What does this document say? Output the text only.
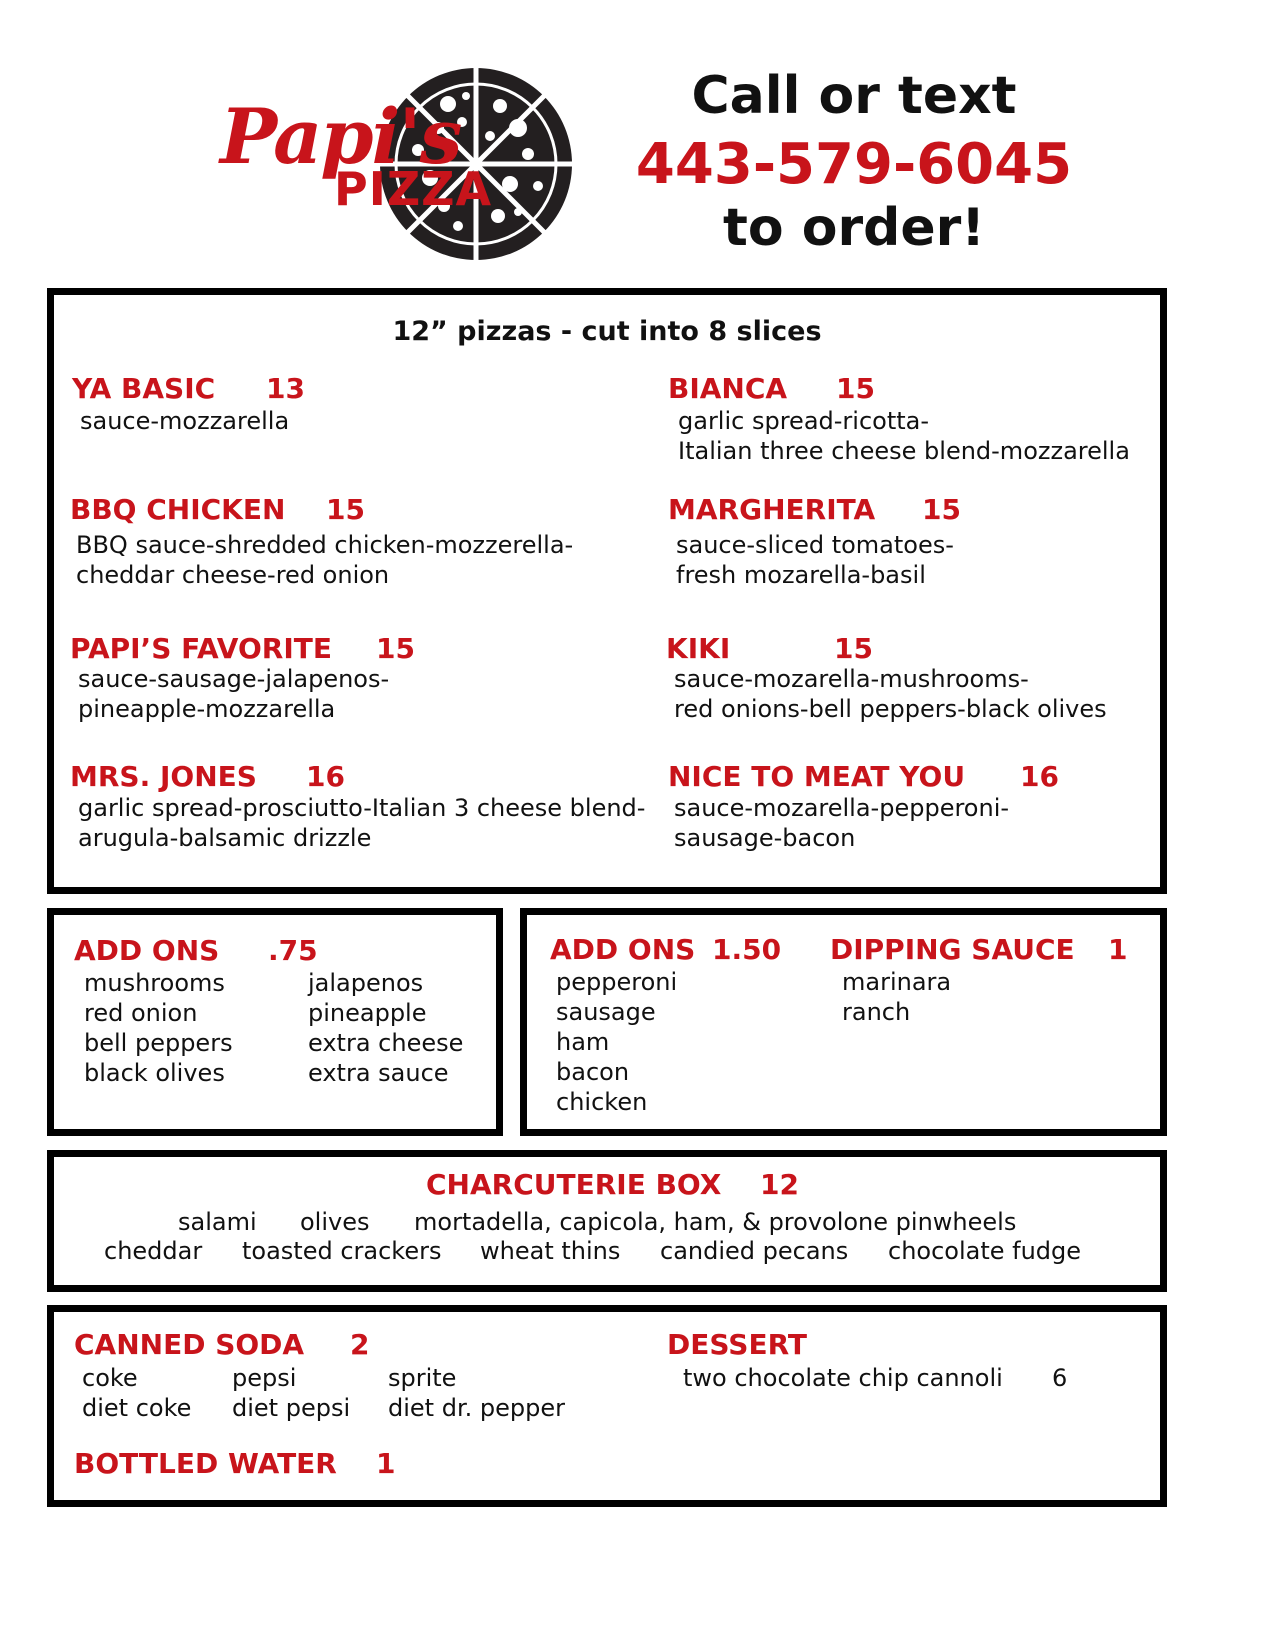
Papi's
PIZZA
Call or text
443-579-6045
to order!
12” pizzas - cut into 8 slices
YA BASIC 13
sauce-mozzarella
BIANCA 15
garlic spread-ricotta-
Italian three cheese blend-mozzarella
BBQ CHICKEN 15
BBQ sauce-shredded chicken-mozzerella-
cheddar cheese-red onion
MARGHERITA 15
sauce-sliced tomatoes-
fresh mozarella-basil
PAPI’S FAVORITE 15
sauce-sausage-jalapenos-
pineapple-mozzarella
KIKI	15
sauce-mozarella-mushrooms-
red onions-bell peppers-black olives
MRS. JONES 16
garlic spread-prosciutto-Italian 3 cheese blend-
arugula-balsamic drizzle
NICE TO MEAT YOU 16
sauce-mozarella-pepperoni-
sausage-bacon
ADD ONS .75
mushrooms
red onion
bell peppers
black olives
jalapenos
pineapple
extra cheese
extra sauce
ADD ONS 1.50
pepperoni
sausage
ham
bacon
chicken
DIPPING SAUCE 1
marinara
ranch
CHARCUTERIE BOX 12
salami olives mortadella, capicola, ham, & provolone pinwheels
cheddar toasted crackers wheat thins candied pecans chocolate fudge
CANNED SODA 2
coke
diet coke
pepsi
diet pepsi
sprite
diet dr. pepper
BOTTLED WATER 1
DESSERT
two chocolate chip cannoli 6
